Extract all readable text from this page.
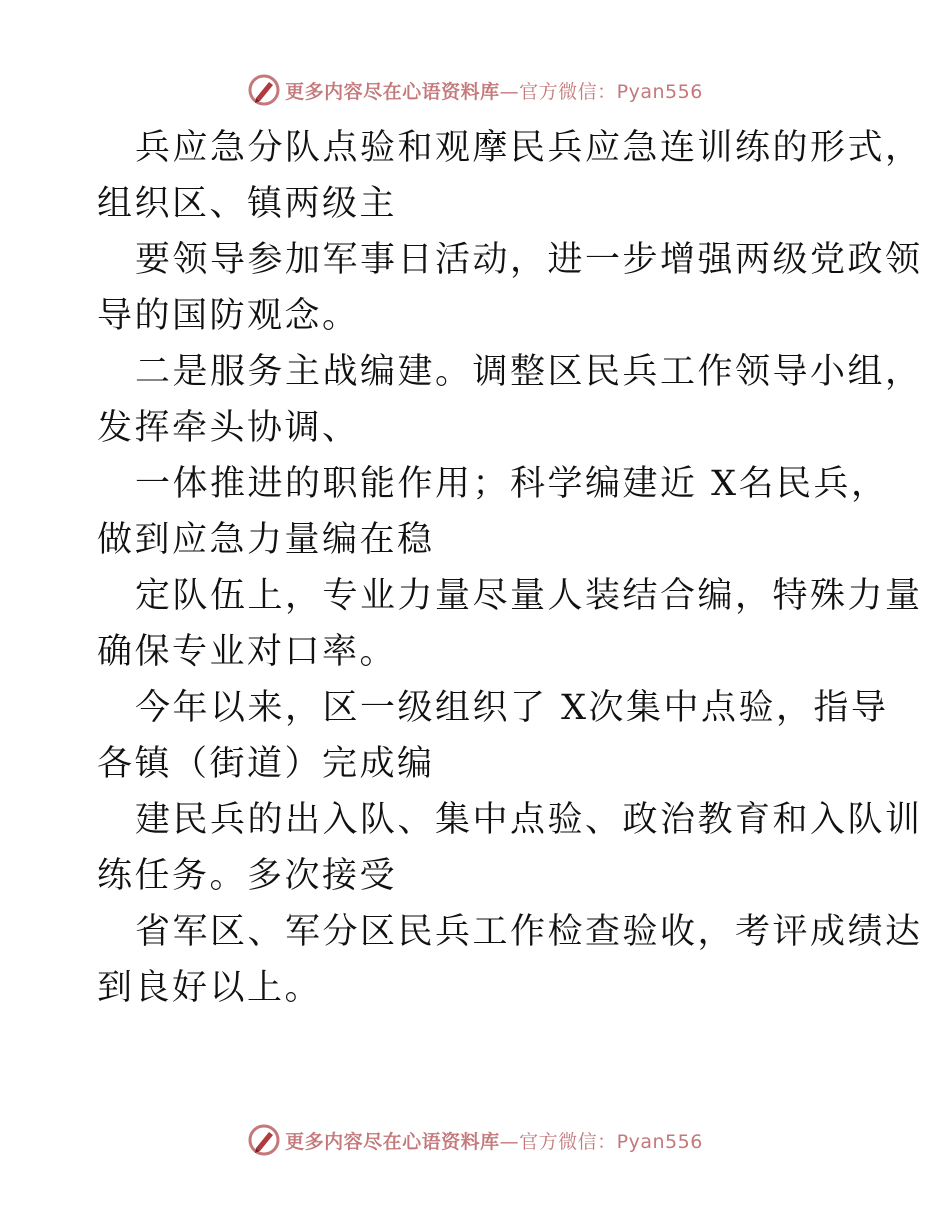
更多内容尽在心语资料库—官方微信：Pyan556

兵应急分队点验和观摩民兵应急连训练的形式，

组织区、镇两级主

要领导参加军事日活动，进一步增强两级党政领

导的国防观念。

二是服务主战编建。调整区民兵工作领导小组，

发挥牵头协调、

一体推进的职能作用；科学编建近 X名民兵，

做到应急力量编在稳

定队伍上，专业力量尽量人装结合编，特殊力量

确保专业对口率。

今年以来，区一级组织了 X次集中点验，指导

各镇（街道）完成编

建民兵的出入队、集中点验、政治教育和入队训

练任务。多次接受

省军区、军分区民兵工作检查验收，考评成绩达

到良好以上。

更多内容尽在心语资料库—官方微信：Pyan556
